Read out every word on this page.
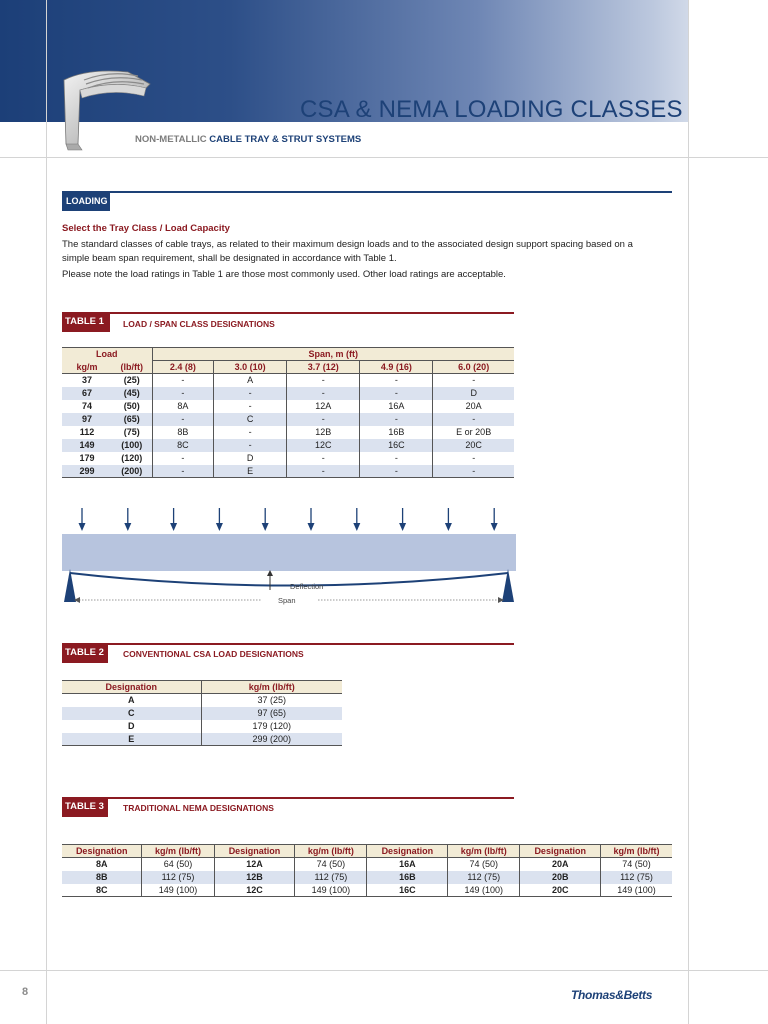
CSA & NEMA LOADING CLASSES
NON-METALLIC CABLE TRAY & STRUT SYSTEMS
LOADING
Select the Tray Class / Load Capacity
The standard classes of cable trays, as related to their maximum design loads and to the associated design support spacing based on a
simple beam span requirement, shall be designated in accordance with Table 1.
Please note the load ratings in Table 1 are those most commonly used. Other load ratings are acceptable.
TABLE 1	LOAD / SPAN CLASS DESIGNATIONS
Load		Span, m (ft)				
kg/m	(lb/ft)	2.4 (8)	3.0 (10)	3.7 (12)	4.9 (16)	6.0 (20)
37	(25)	-	A	-	-	-
67	(45)	-	-	-	-	D
74	(50)	8A	-	12A	16A	20A
97	(65)	-	C	-	-	-
112	(75)	8B	-	12B	16B	E or 20B
149	(100)	8C	-	12C	16C	20C
179	(120)	-	D	-	-	-
299	(200)	-	E	-	-	-
Deflection
Span
TABLE 2	CONVENTIONAL CSA LOAD DESIGNATIONS
Designation	kg/m (lb/ft)
A	37 (25)
C	97 (65)
D	179 (120)
E	299 (200)
TABLE 3	TRADITIONAL NEMA DESIGNATIONS
Designation	kg/m (lb/ft)	Designation	kg/m (lb/ft)	Designation	kg/m (lb/ft)	Designation	kg/m (lb/ft)
8A	64 (50)	12A	74 (50)	16A	74 (50)	20A	74 (50)
8B	112 (75)	12B	112 (75)	16B	112 (75)	20B	112 (75)
8C	149 (100)	12C	149 (100)	16C	149 (100)	20C	149 (100)
8	Thomas&Betts
